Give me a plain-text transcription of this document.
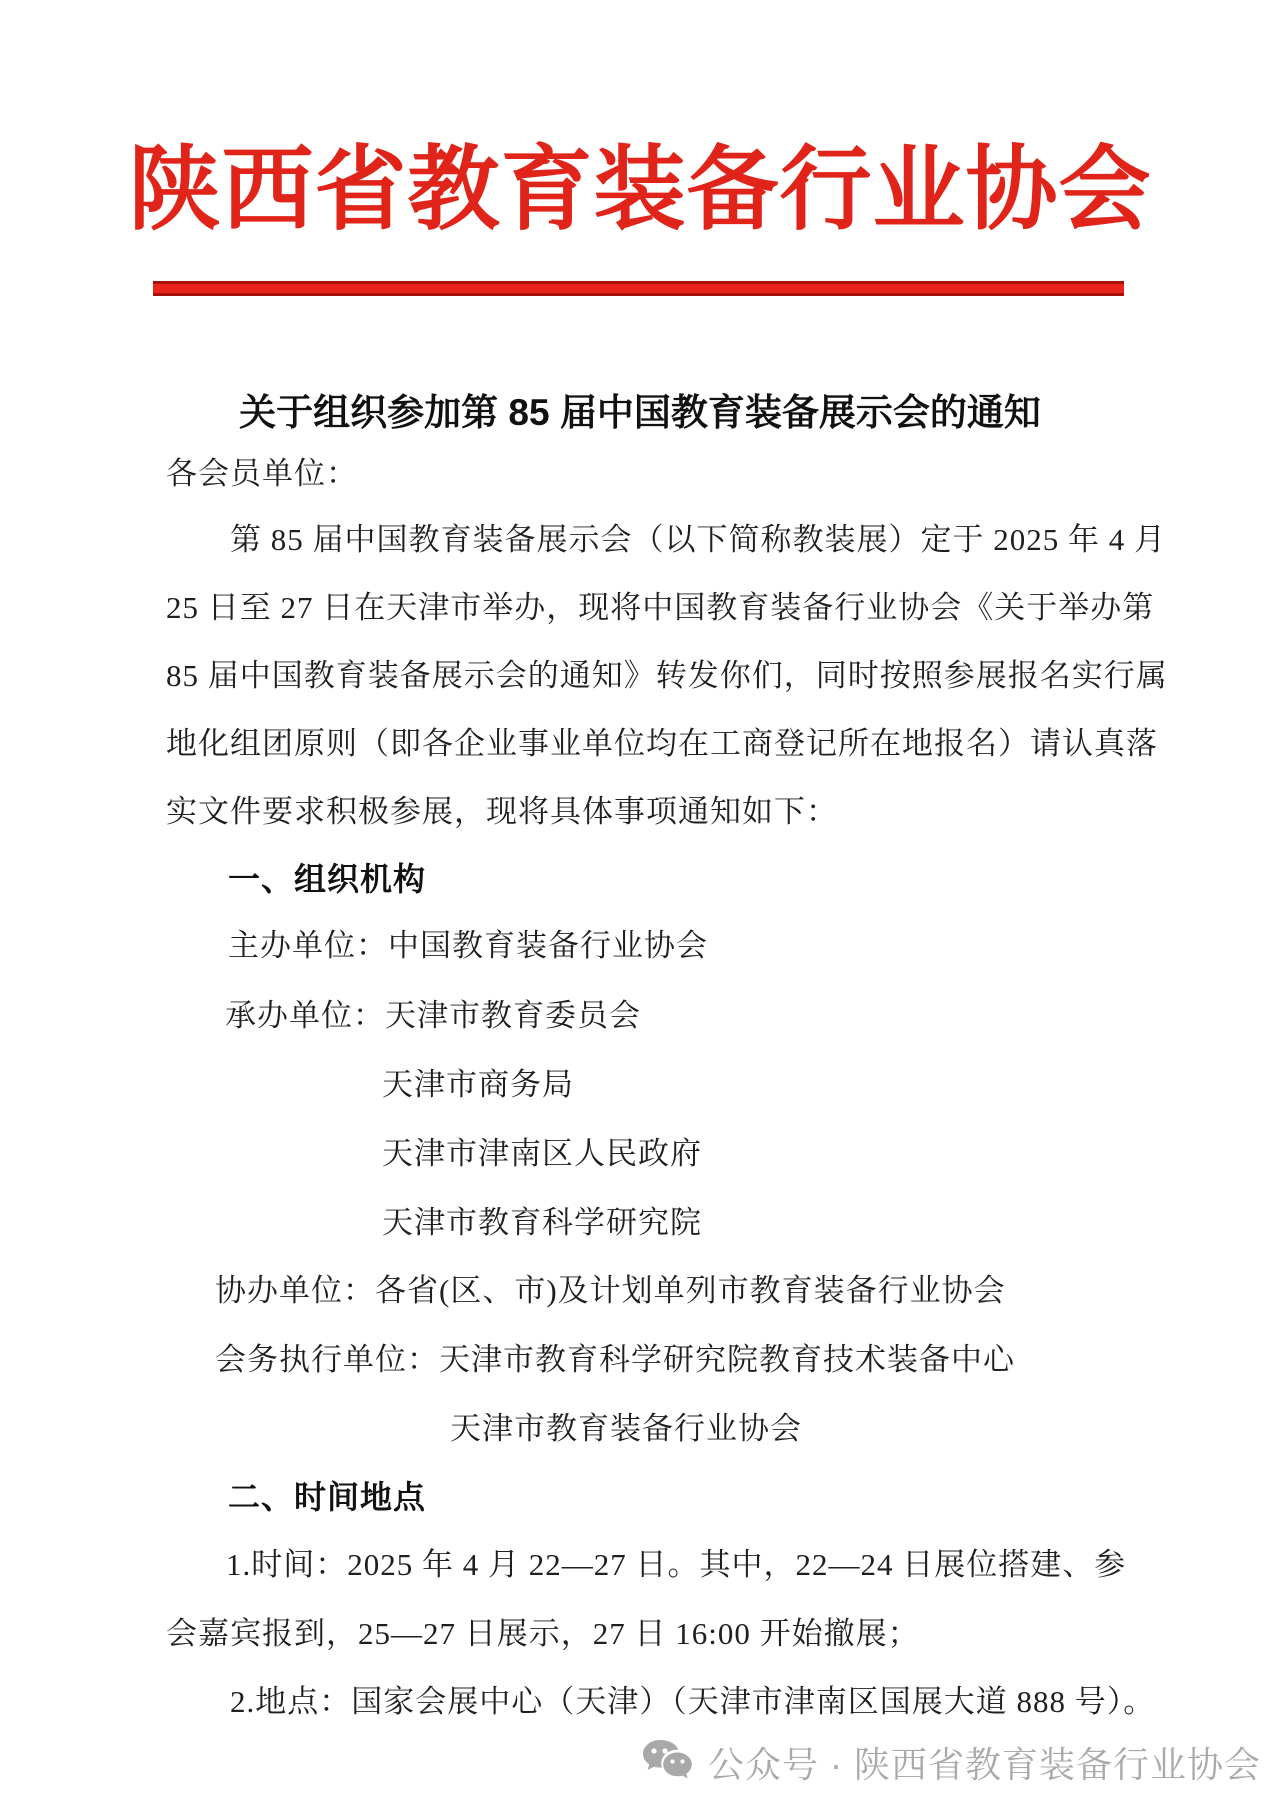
陕西省教育装备行业协会
关于组织参加第 85 届中国教育装备展示会的通知
各会员单位：
第 85 届中国教育装备展示会（以下简称教装展）定于 2025 年 4 月
25 日至 27 日在天津市举办，现将中国教育装备行业协会《关于举办第
85 届中国教育装备展示会的通知》转发你们，同时按照参展报名实行属
地化组团原则（即各企业事业单位均在工商登记所在地报名）请认真落
实文件要求积极参展，现将具体事项通知如下：
一、组织机构
主办单位：中国教育装备行业协会
承办单位：天津市教育委员会
天津市商务局
天津市津南区人民政府
天津市教育科学研究院
协办单位：各省(区、市)及计划单列市教育装备行业协会
会务执行单位：天津市教育科学研究院教育技术装备中心
天津市教育装备行业协会
二、时间地点
1.时间：2025 年 4 月 22—27 日。其中，22—24 日展位搭建、参
会嘉宾报到，25—27 日展示，27 日 16:00 开始撤展；
2.地点：国家会展中心（天津）（天津市津南区国展大道 888 号）。
公众号 · 陕西省教育装备行业协会
